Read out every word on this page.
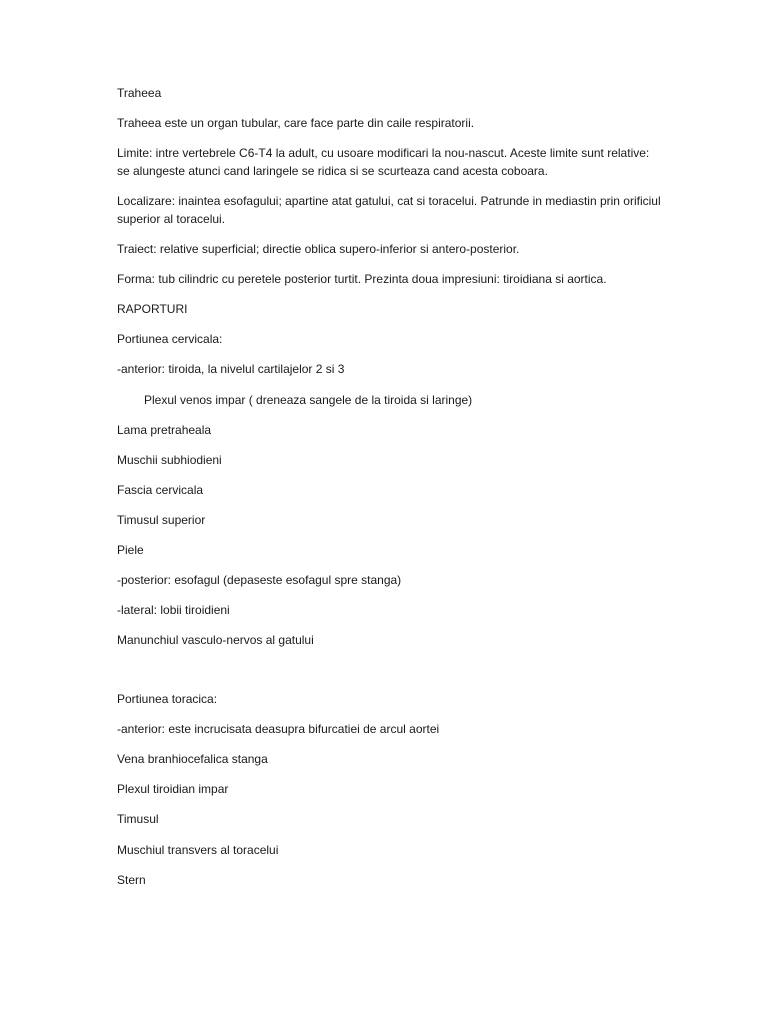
Traheea
Traheea este un organ tubular, care face parte din caile respiratorii.
Limite: intre vertebrele C6-T4 la adult, cu usoare modificari la nou-nascut. Aceste limite sunt relative: se alungeste atunci cand laringele se ridica si se scurteaza cand acesta coboara.
Localizare: inaintea esofagului; apartine atat gatului, cat si toracelui. Patrunde in mediastin prin orificiul superior al toracelui.
Traiect: relative superficial; directie oblica supero-inferior si antero-posterior.
Forma: tub cilindric cu peretele posterior turtit. Prezinta doua impresiuni: tiroidiana si aortica.
RAPORTURI
Portiunea cervicala:
-anterior: tiroida, la nivelul cartilajelor 2 si 3
Plexul venos impar ( dreneaza sangele de la tiroida si laringe)
Lama pretraheala
Muschii subhiodieni
Fascia cervicala
Timusul superior
Piele
-posterior: esofagul (depaseste esofagul spre stanga)
-lateral: lobii tiroidieni
Manunchiul vasculo-nervos al gatului
Portiunea toracica:
-anterior: este incrucisata deasupra bifurcatiei de arcul aortei
Vena branhiocefalica stanga
Plexul tiroidian impar
Timusul
Muschiul transvers al toracelui
Stern
